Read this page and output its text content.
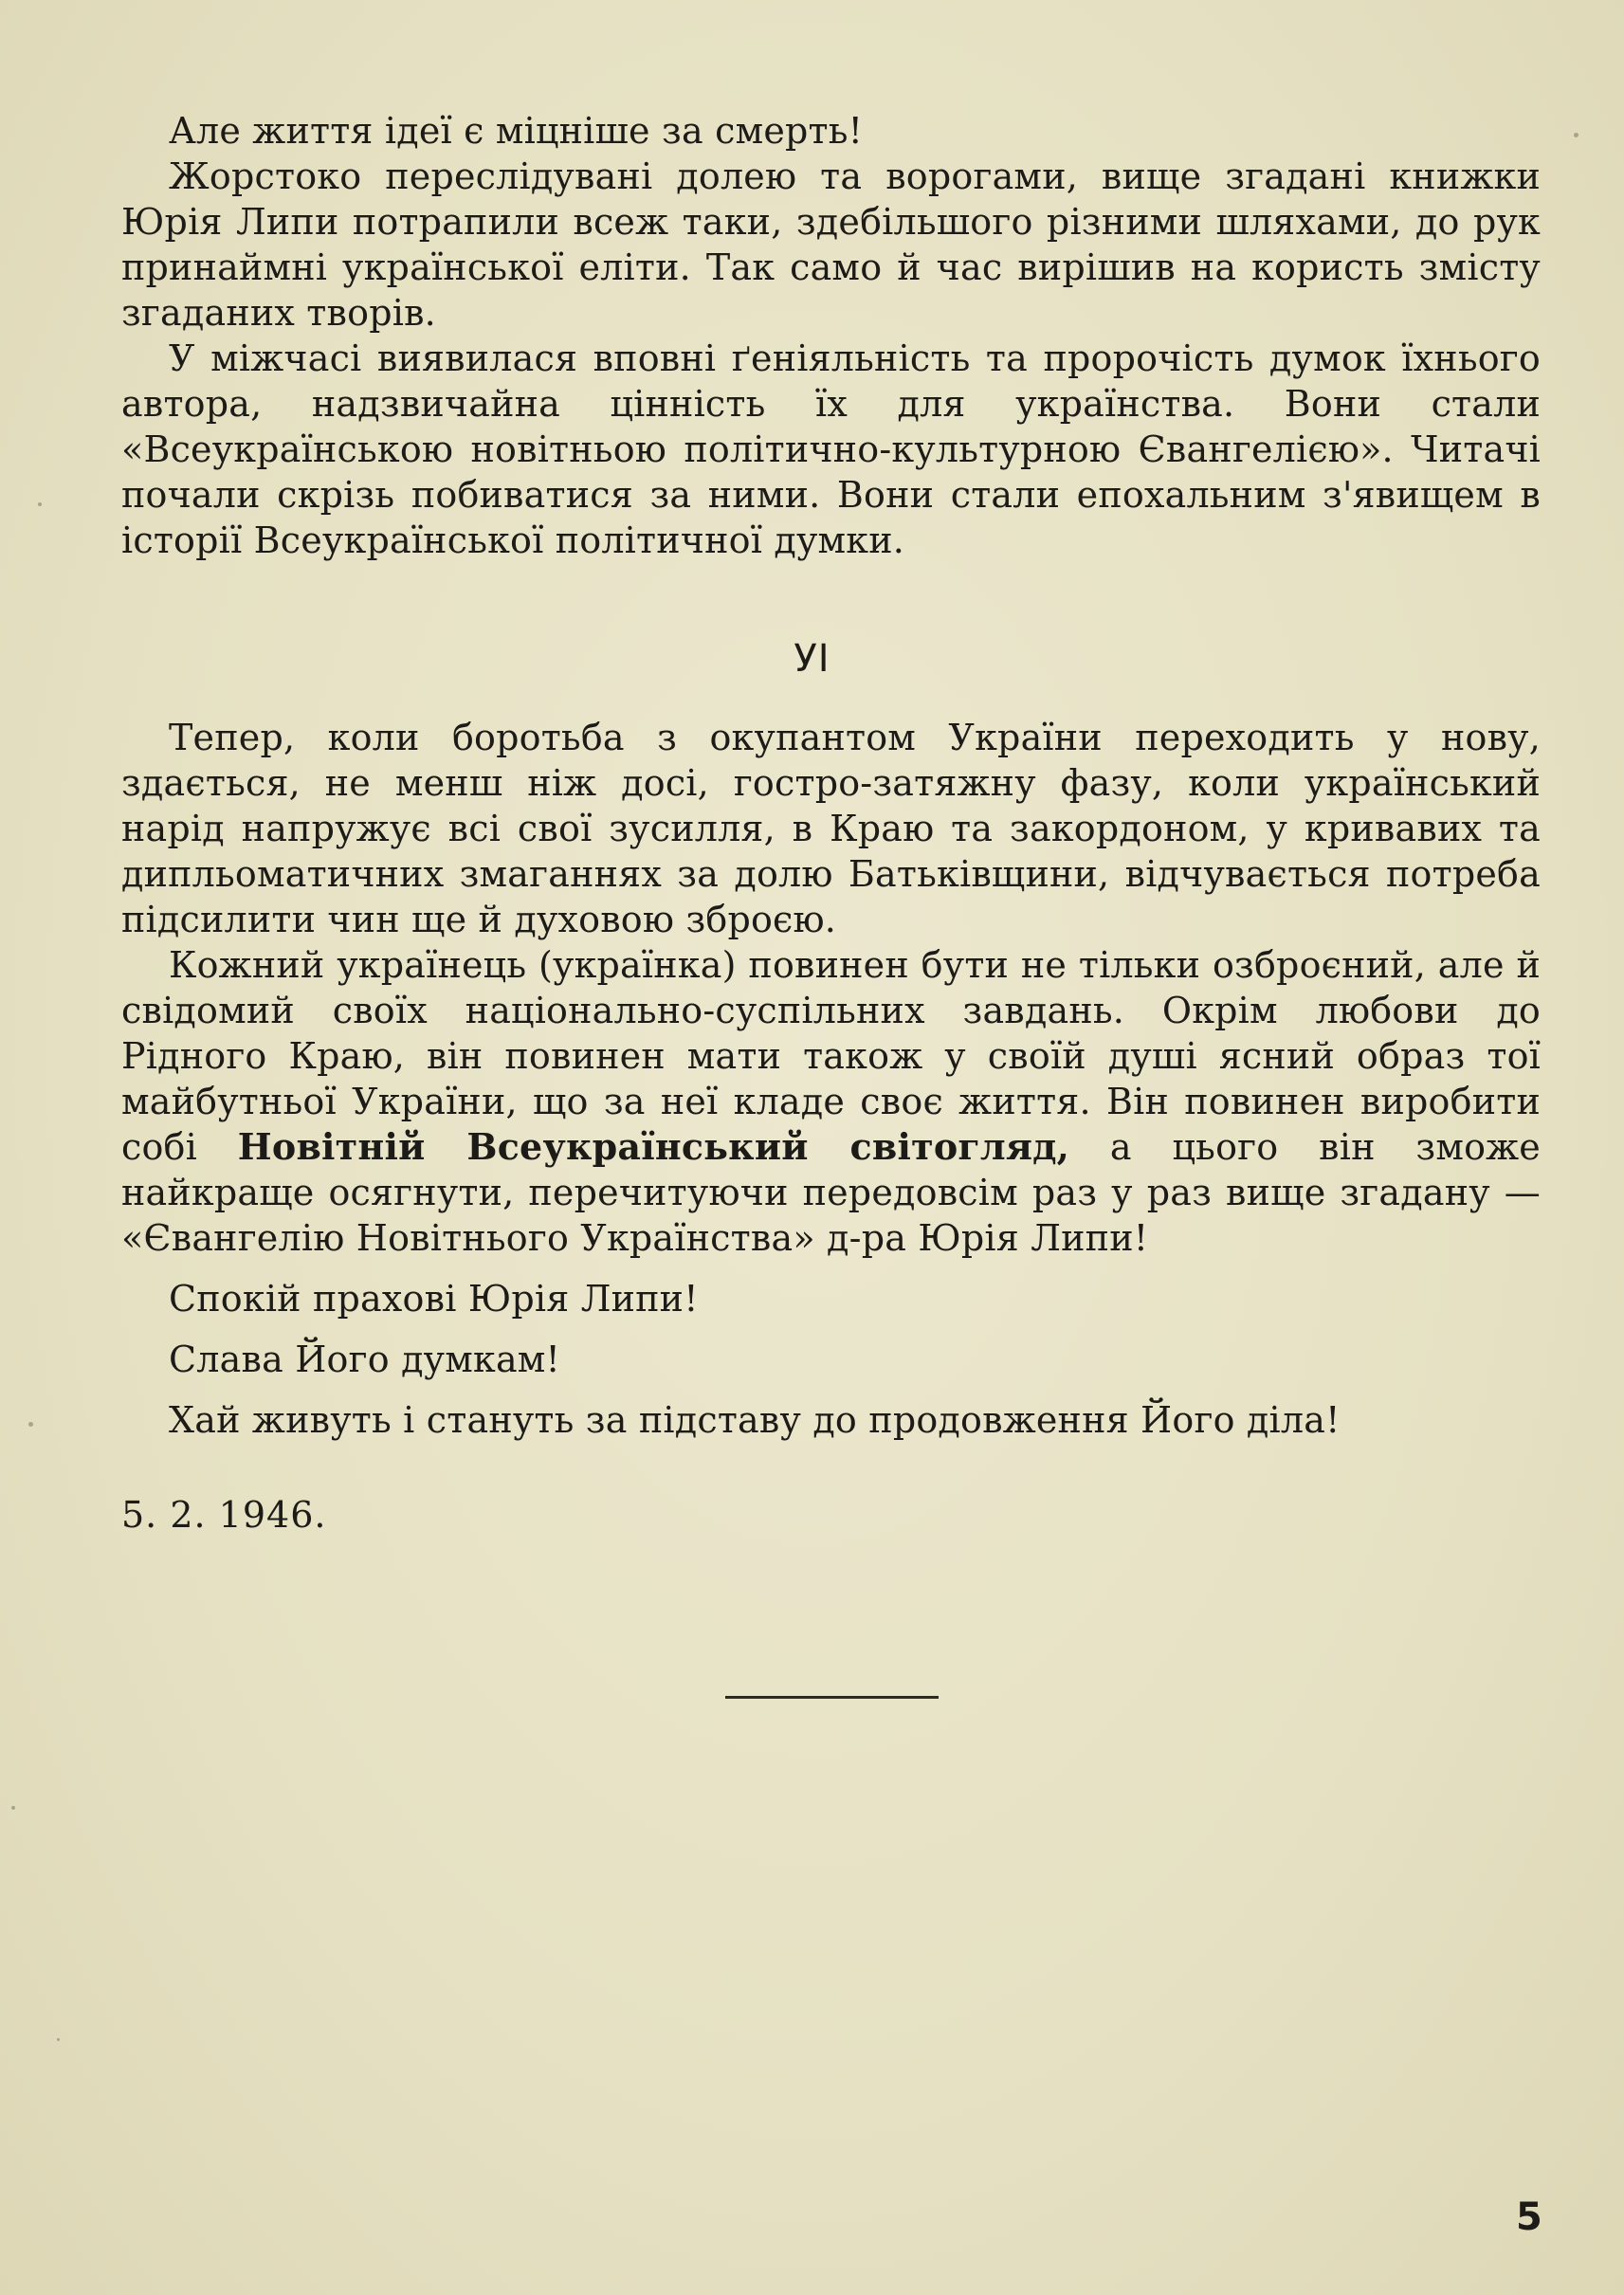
Але життя ідеї є міцніше за смерть!

Жорстоко переслідувані долею та ворогами, вище згадані книжки Юрія Липи потрапили всеж таки, здебільшого різними шляхами, до рук принаймні української еліти. Так само й час вирішив на користь змісту згаданих творів.

У міжчасі виявилася вповні ґеніяльність та пророчість думок їхнього автора, надзвичайна цінність їх для українства. Вони стали «Всеукраїнською новітньою політично-культурною Євангелією». Читачі почали скрізь побиватися за ними. Вони стали епохальним з'явищем в історії Всеукраїнської політичної думки.

УІ

Тепер, коли боротьба з окупантом України переходить у нову, здається, не менш ніж досі, гостро-затяжну фазу, коли український нарід напружує всі свої зусилля, в Краю та закордоном, у кривавих та дипльоматичних змаганнях за долю Батьківщини, відчувається потреба підсилити чин ще й духовою зброєю.

Кожний українець (українка) повинен бути не тільки озброєний, але й свідомий своїх національно-суспільних завдань. Окрім любови до Рідного Краю, він повинен мати також у своїй душі ясний образ тої майбутньої України, що за неї кладе своє життя. Він повинен виробити собі Новітній Всеукраїнський світогляд, а цього він зможе найкраще осягнути, перечитуючи передовсім раз у раз вище згадану — «Євангелію Новітнього Українства» д-ра Юрія Липи!

Спокій прахові Юрія Липи!

Слава Його думкам!

Хай живуть і стануть за підставу до продовження Його діла!

5. 2. 1946.
5
